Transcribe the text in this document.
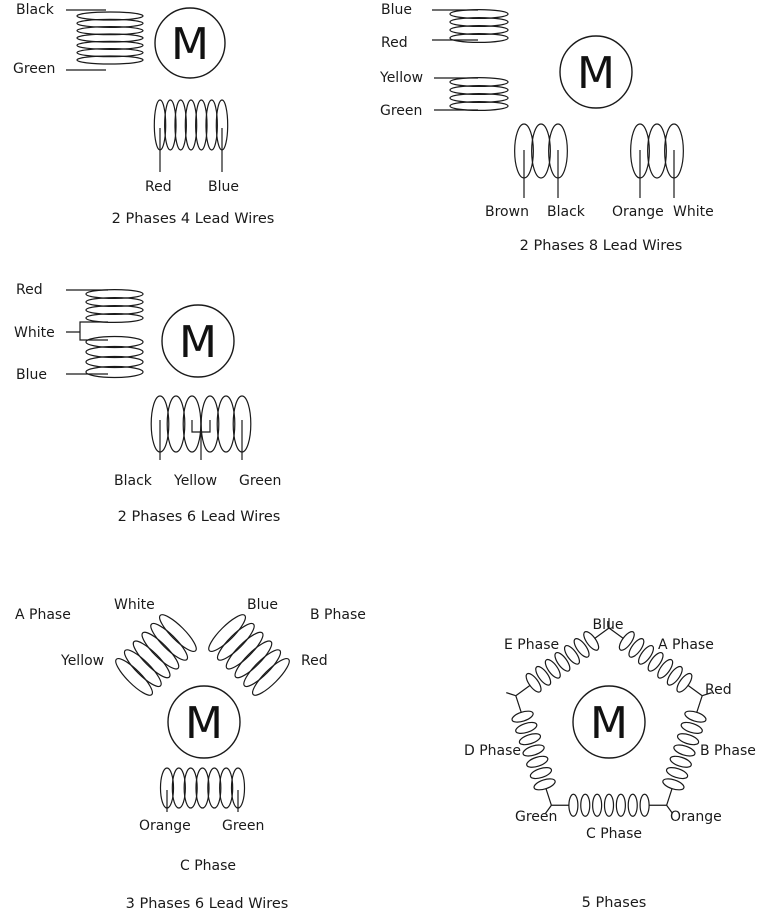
M
Black
Green
Red	Blue
2 Phases 4 Lead Wires
M
Blue
Red
Yellow
Green
Brown Black Orange White
2 Phases 8 Lead Wires
M
Red
White
Blue
Black Yellow Green
2 Phases 6 Lead Wires
M
A Phase
White	Blue
B Phase
Yellow	Red
Orange Green
C Phase
3 Phases 6 Lead Wires
M
Blue
E Phase	A Phase
Red
D Phase	B Phase
Green	Orange
C Phase
5 Phases
